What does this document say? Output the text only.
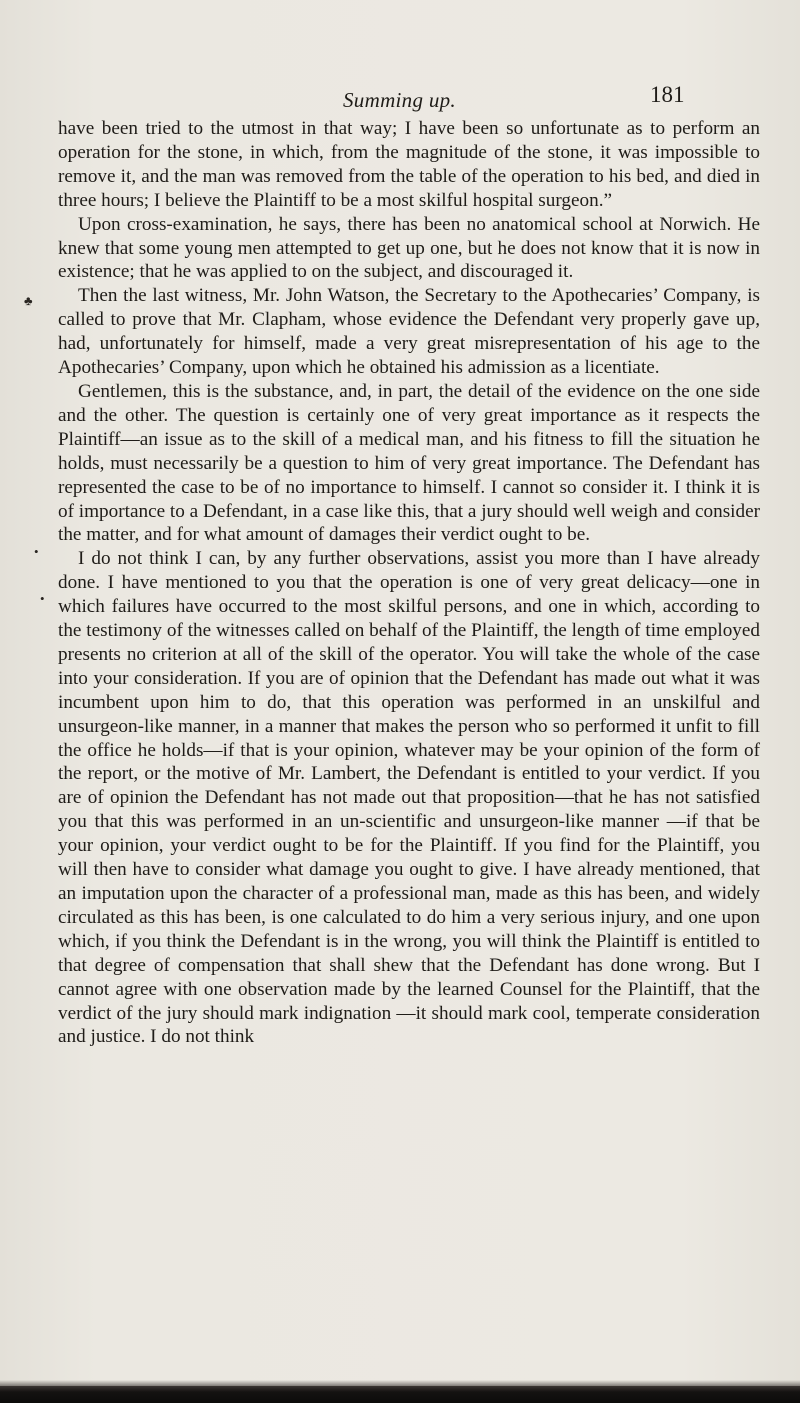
Summing up.	181
♣
•
•

have been tried to the utmost in that way; I have been so unfortunate as to perform an operation for the stone, in which, from the magnitude of the stone, it was impossible to remove it, and the man was removed from the table of the operation to his bed, and died in three hours; I believe the Plaintiff to be a most skilful hospital surgeon.”

Upon cross-examination, he says, there has been no anatomical school at Norwich. He knew that some young men attempted to get up one, but he does not know that it is now in existence; that he was applied to on the subject, and discouraged it.

Then the last witness, Mr. John Watson, the Secretary to the Apothecaries’ Company, is called to prove that Mr. Clapham, whose evidence the Defendant very properly gave up, had, unfortunately for himself, made a very great misrepresentation of his age to the Apothecaries’ Company, upon which he obtained his admission as a licentiate.

Gentlemen, this is the substance, and, in part, the detail of the evidence on the one side and the other. The question is certainly one of very great importance as it respects the Plaintiff—an issue as to the skill of a medical man, and his fitness to fill the situation he holds, must necessarily be a question to him of very great importance. The Defendant has represented the case to be of no importance to himself. I cannot so consider it. I think it is of importance to a Defendant, in a case like this, that a jury should well weigh and consider the matter, and for what amount of damages their verdict ought to be.

I do not think I can, by any further observations, assist you more than I have already done. I have mentioned to you that the operation is one of very great delicacy—one in which failures have occurred to the most skilful persons, and one in which, according to the testimony of the witnesses called on behalf of the Plaintiff, the length of time employed presents no criterion at all of the skill of the operator. You will take the whole of the case into your consideration. If you are of opinion that the Defendant has made out what it was incumbent upon him to do, that this operation was performed in an unskilful and unsurgeon-like manner, in a manner that makes the person who so performed it unfit to fill the office he holds—if that is your opinion, whatever may be your opinion of the form of the report, or the motive of Mr. Lambert, the Defendant is entitled to your verdict. If you are of opinion the Defendant has not made out that proposition—that he has not satisfied you that this was performed in an un-scientific and unsurgeon-like manner —if that be your opinion, your verdict ought to be for the Plaintiff. If you find for the Plaintiff, you will then have to consider what damage you ought to give. I have already mentioned, that an imputation upon the character of a professional man, made as this has been, and widely circulated as this has been, is one calculated to do him a very serious injury, and one upon which, if you think the Defendant is in the wrong, you will think the Plaintiff is entitled to that degree of compensation that shall shew that the Defendant has done wrong. But I cannot agree with one observation made by the learned Counsel for the Plaintiff, that the verdict of the jury should mark indignation —it should mark cool, temperate consideration and justice. I do not think
